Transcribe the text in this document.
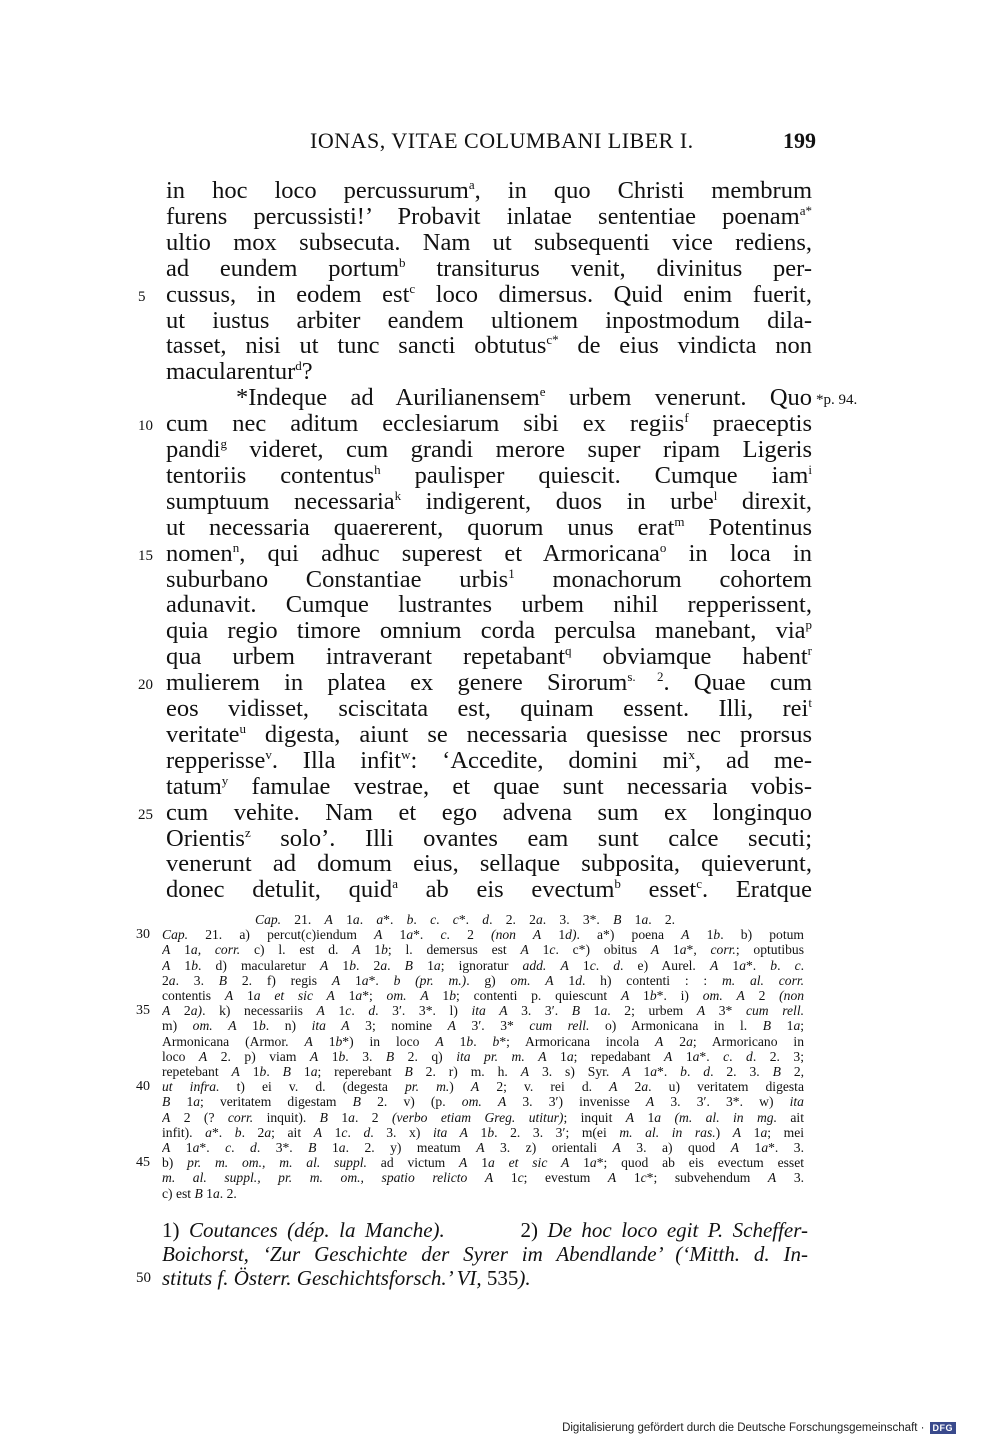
IONAS, VITAE COLUMBANI LIBER I.	199
in hoc loco percussurum$^a$, in quo Christi membrum
furens percussisti!’ Probavit inlatae sententiae poenam$^{a*}$
ultio mox subsecuta. Nam ut subsequenti vice rediens,
ad eundem portum$^b$ transiturus venit, divinitus per-
cussus, in eodem est$^c$ loco dimersus. Quid enim fuerit,
5
ut iustus arbiter eandem ultionem inpostmodum dila-
tasset, nisi ut tunc sancti obtutus$^{c*}$ de eius vindicta non
macularentur$^d$?
*Indeque ad Aurilianensem$^e$ urbem venerunt. Quo *p. 94.
cum nec aditum ecclesiarum sibi ex regiis$^f$ praeceptis
10
pandi$^g$ videret, cum grandi merore super ripam Ligeris
tentoriis contentus$^h$ paulisper quiescit. Cumque iam$^i$
sumptuum necessaria$^k$ indigerent, duos in urbe$^l$ direxit,
ut necessaria quaererent, quorum unus erat$^m$ Potentinus
nomen$^n$, qui adhuc superest et Armoricana$^o$ in loca in
15
suburbano Constantiae urbis$^1$ monachorum cohortem
adunavit. Cumque lustrantes urbem nihil repperissent,
quia regio timore omnium corda perculsa manebant, via$^p$
qua urbem intraverant repetabant$^q$ obviamque habent$^r$
mulierem in platea ex genere Sirorum$^{s. 2}$. Quae cum
20
eos vidisset, sciscitata est, quinam essent. Illi, rei$^t$
veritate$^u$ digesta, aiunt se necessaria quesisse nec prorsus
repperisse$^v$. Illa infit$^w$: ‘Accedite, domini $mi^x$, ad me-
tatum$^y$ famulae vestrae, et quae sunt necessaria vobis-
cum vehite. Nam et ego advena sum ex longinquo
25
Orientis$^z$ solo’. Illi ovantes eam sunt calce secuti;
venerunt ad domum eius, sellaque subposita, quieverunt,
donec detulit, quid$^a$ ab eis evectum$^b$ esset$^c$. Eratque
Cap. 21. A 1a. a*. b. c. c*. d. 2. 2a. 3. 3*. B 1a. 2.
Cap. 21. a) percut(c)iendum A 1a*. c. 2 (non A 1d). a*) poena A 1b. b) potum
30
A 1a, corr. c) l. est d. A 1b; l. demersus est A 1c. c*) obitus A 1a*, corr.; optutibus
A 1b. d) macularetur A 1b. 2a. B 1a; ignoratur add. A 1c. d. e) Aurel. A 1a*. b. c.
2a. 3. B 2. f) regis A 1a*. b (pr. m.). g) om. A 1d. h) contenti : : m. al. corr.
contentis A 1a et sic A 1a*; om. A 1b; contenti p. quiescunt A 1b*. i) om. A 2 (non
A 2a). k) necessariis A 1c. d. 3′. 3*. l) ita A 3. 3′. B 1a. 2; urbem A 3* cum rell.
35
m) om. A 1b. n) ita A 3; nomine A 3′. 3* cum rell. o) Armonicana in l. B 1a;
Armonicana (Armor. A 1b*) in loco A 1b. b*; Armoricana incola A 2a; Armoricano in
loco A 2. p) viam A 1b. 3. B 2. q) ita pr. m. A 1a; repedabant A 1a*. c. d. 2. 3;
repetebant A 1b. B 1a; reperebant B 2. r) m. h. A 3. s) Syr. A 1a*. b. d. 2. 3. B 2,
ut infra. t) ei v. d. (degesta pr. m.) A 2; v. rei d. A 2a. u) veritatem digesta
40
B 1a; veritatem digestam B 2. v) (p. om. A 3. 3′) invenisse A 3. 3′. 3*. w) ita
A 2 (? corr. inquit). B 1a. 2 (verbo etiam Greg. utitur); inquit A 1a (m. al. in mg. ait
infit). a*. b. 2a; ait A 1c. d. 3. x) ita A 1b. 2. 3. 3′; m(ei m. al. in ras.) A 1a; mei
A 1a*. c. d. 3*. B 1a. 2. y) meatum A 3. z) orientali A 3. a) quod A 1a*. 3.
b) pr. m. om., m. al. suppl. ad victum A 1a et sic A 1a*; quod ab eis evectum esset
45
m. al. suppl., pr. m. om., spatio relicto A 1c; evestum A 1c*; subvehendum A 3.
c) est B 1a. 2.
1) Coutances (dép. la Manche).        2) De hoc loco egit P. Scheffer-
Boichorst, ‘Zur Geschichte der Syrer im Abendlande’ (‘Mitth. d. In-
stituts f. Österr. Geschichtsforsch.’ VI, 535).
50
Digitalisierung gefördert durch die Deutsche Forschungsgemeinschaft · DFG
